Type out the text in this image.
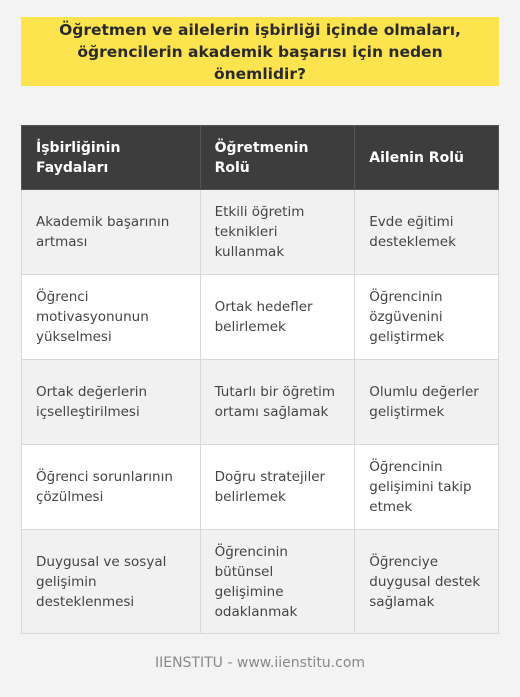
Öğretmen ve ailelerin işbirliği içinde olmaları, öğrencilerin akademik başarısı için neden önemlidir?
İşbirliğinin Faydaları	Öğretmenin Rolü	Ailenin Rolü
Akademik başarının artması	Etkili öğretim teknikleri kullanmak	Evde eğitimi desteklemek
Öğrenci motivasyonunun yükselmesi	Ortak hedefler belirlemek	Öğrencinin özgüvenini geliştirmek
Ortak değerlerin içselleştirilmesi	Tutarlı bir öğretim ortamı sağlamak	Olumlu değerler geliştirmek
Öğrenci sorunlarının çözülmesi	Doğru stratejiler belirlemek	Öğrencinin gelişimini takip etmek
Duygusal ve sosyal gelişimin desteklenmesi	Öğrencinin bütünsel gelişimine odaklanmak	Öğrenciye duygusal destek sağlamak
IIENSTITU - www.iienstitu.com
